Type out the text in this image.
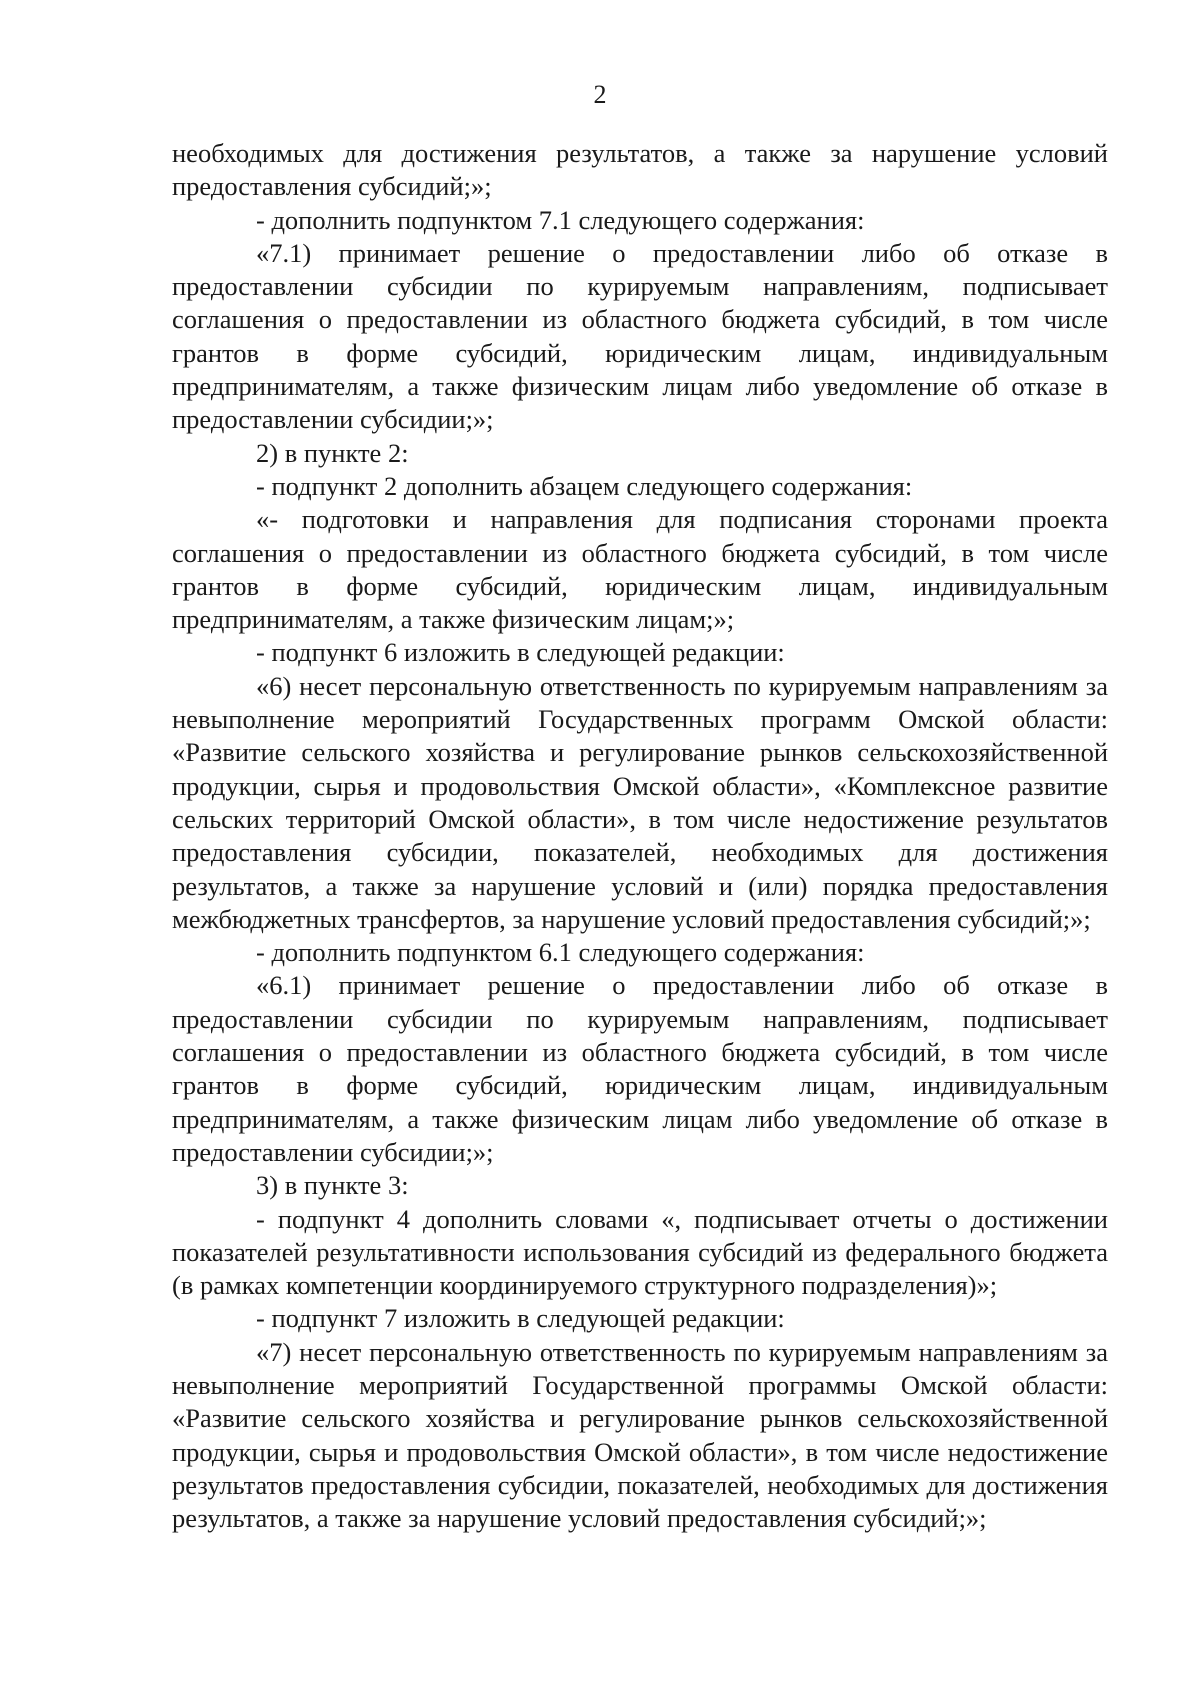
2

необходимых для достижения результатов, а также за нарушение условий предоставления субсидий;»;

- дополнить подпунктом 7.1 следующего содержания:

«7.1) принимает решение о предоставлении либо об отказе в предоставлении субсидии по курируемым направлениям, подписывает соглашения о предоставлении из областного бюджета субсидий, в том числе грантов в форме субсидий, юридическим лицам, индивидуальным предпринимателям, а также физическим лицам либо уведомление об отказе в предоставлении субсидии;»;

2) в пункте 2:

- подпункт 2 дополнить абзацем следующего содержания:

«- подготовки и направления для подписания сторонами проекта соглашения о предоставлении из областного бюджета субсидий, в том числе грантов в форме субсидий, юридическим лицам, индивидуальным предпринимателям, а также физическим лицам;»;

- подпункт 6 изложить в следующей редакции:

«6) несет персональную ответственность по курируемым направлениям за невыполнение мероприятий Государственных программ Омской области: «Развитие сельского хозяйства и регулирование рынков сельскохозяйственной продукции, сырья и продовольствия Омской области», «Комплексное развитие сельских территорий Омской области», в том числе недостижение результатов предоставления субсидии, показателей, необходимых для достижения результатов, а также за нарушение условий и (или) порядка предоставления межбюджетных трансфертов, за нарушение условий предоставления субсидий;»;

- дополнить подпунктом 6.1 следующего содержания:

«6.1) принимает решение о предоставлении либо об отказе в предоставлении субсидии по курируемым направлениям, подписывает соглашения о предоставлении из областного бюджета субсидий, в том числе грантов в форме субсидий, юридическим лицам, индивидуальным предпринимателям, а также физическим лицам либо уведомление об отказе в предоставлении субсидии;»;

3) в пункте 3:

- подпункт 4 дополнить словами «, подписывает отчеты о достижении показателей результативности использования субсидий из федерального бюджета (в рамках компетенции координируемого структурного подразделения)»;

- подпункт 7 изложить в следующей редакции:

«7) несет персональную ответственность по курируемым направлениям за невыполнение мероприятий Государственной программы Омской области: «Развитие сельского хозяйства и регулирование рынков сельскохозяйственной продукции, сырья и продовольствия Омской области», в том числе недостижение результатов предоставления субсидии, показателей, необходимых для достижения результатов, а также за нарушение условий предоставления субсидий;»;
